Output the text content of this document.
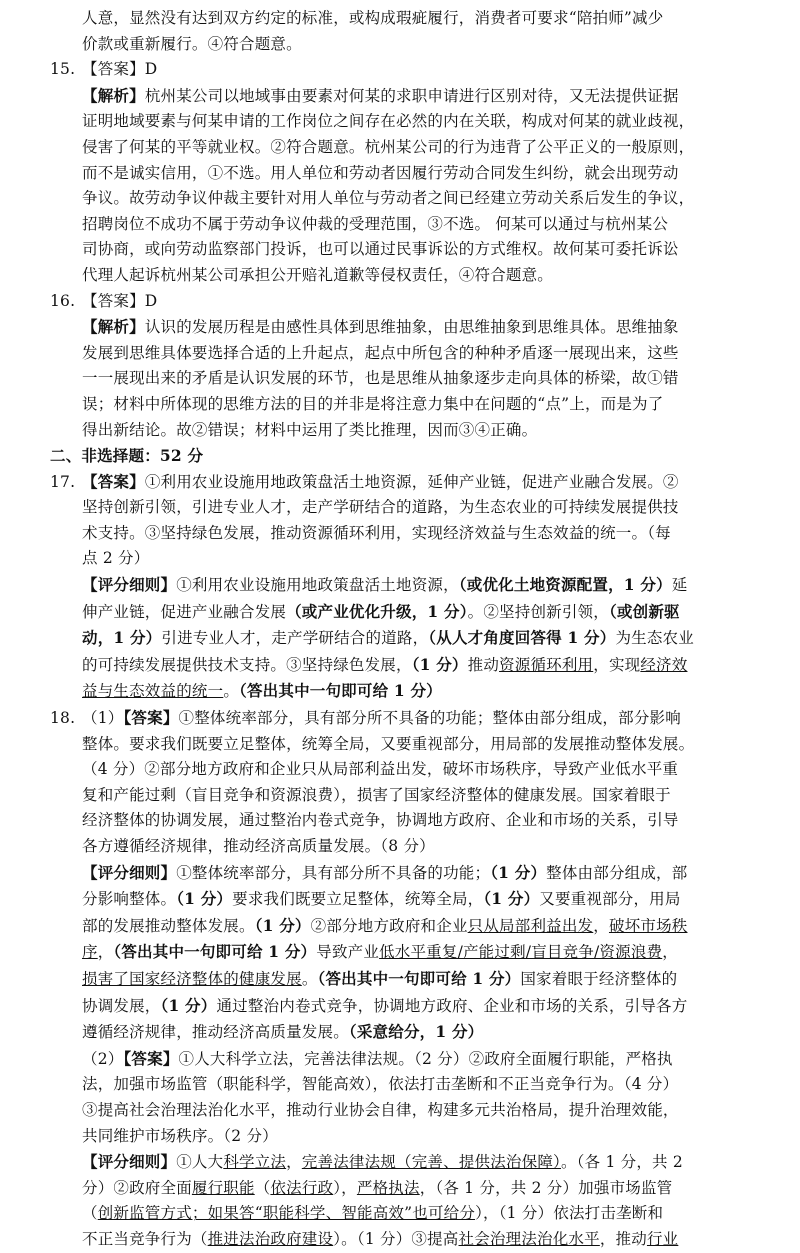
人意，显然没有达到双方约定的标准，或构成瑕疵履行，消费者可要求“陪拍师”减少

价款或重新履行。④符合题意。

15. 【答案】D

【解析】杭州某公司以地域事由要素对何某的求职申请进行区别对待，又无法提供证据

证明地域要素与何某申请的工作岗位之间存在必然的内在关联，构成对何某的就业歧视，

侵害了何某的平等就业权。②符合题意。杭州某公司的行为违背了公平正义的一般原则，

而不是诚实信用，①不选。用人单位和劳动者因履行劳动合同发生纠纷，就会出现劳动

争议。故劳动争议仲裁主要针对用人单位与劳动者之间已经建立劳动关系后发生的争议，

招聘岗位不成功不属于劳动争议仲裁的受理范围，③不选。 何某可以通过与杭州某公

司协商，或向劳动监察部门投诉，也可以通过民事诉讼的方式维权。故何某可委托诉讼

代理人起诉杭州某公司承担公开赔礼道歉等侵权责任，④符合题意。

16. 【答案】D

【解析】认识的发展历程是由感性具体到思维抽象，由思维抽象到思维具体。思维抽象

发展到思维具体要选择合适的上升起点，起点中所包含的种种矛盾逐一展现出来，这些

一一展现出来的矛盾是认识发展的环节，也是思维从抽象逐步走向具体的桥梁，故①错

误；材料中所体现的思维方法的目的并非是将注意力集中在问题的“点”上，而是为了

得出新结论。故②错误；材料中运用了类比推理，因而③④正确。

二、非选择题：52 分

17. 【答案】①利用农业设施用地政策盘活土地资源，延伸产业链，促进产业融合发展。②

坚持创新引领，引进专业人才，走产学研结合的道路，为生态农业的可持续发展提供技

术支持。③坚持绿色发展，推动资源循环利用，实现经济效益与生态效益的统一。（每

点 2 分）

【评分细则】①利用农业设施用地政策盘活土地资源，（或优化土地资源配置，1 分）延

伸产业链，促进产业融合发展（或产业优化升级，1 分）。②坚持创新引领，（或创新驱

动，1 分）引进专业人才，走产学研结合的道路，（从人才角度回答得 1 分）为生态农业

的可持续发展提供技术支持。③坚持绿色发展，（1 分）推动资源循环利用，实现经济效

益与生态效益的统一。（答出其中一句即可给 1 分）

18. （1）【答案】①整体统率部分，具有部分所不具备的功能；整体由部分组成，部分影响

整体。要求我们既要立足整体，统筹全局，又要重视部分，用局部的发展推动整体发展。

（4 分）②部分地方政府和企业只从局部利益出发，破坏市场秩序，导致产业低水平重

复和产能过剩（盲目竞争和资源浪费），损害了国家经济整体的健康发展。国家着眼于

经济整体的协调发展，通过整治内卷式竞争，协调地方政府、企业和市场的关系，引导

各方遵循经济规律，推动经济高质量发展。（8 分）

【评分细则】①整体统率部分，具有部分所不具备的功能；（1 分）整体由部分组成，部

分影响整体。（1 分）要求我们既要立足整体，统筹全局，（1 分）又要重视部分，用局

部的发展推动整体发展。（1 分）②部分地方政府和企业只从局部利益出发，破坏市场秩

序，（答出其中一句即可给 1 分）导致产业低水平重复/产能过剩/盲目竞争/资源浪费，

损害了国家经济整体的健康发展。（答出其中一句即可给 1 分）国家着眼于经济整体的

协调发展，（1 分）通过整治内卷式竞争，协调地方政府、企业和市场的关系，引导各方

遵循经济规律，推动经济高质量发展。（采意给分，1 分）

（2）【答案】①人大科学立法，完善法律法规。（2 分）②政府全面履行职能，严格执

法，加强市场监管（职能科学，智能高效），依法打击垄断和不正当竞争行为。（4 分）

③提高社会治理法治化水平，推动行业协会自律，构建多元共治格局，提升治理效能，

共同维护市场秩序。（2 分）

【评分细则】①人大科学立法，完善法律法规（完善、提供法治保障）。（各 1 分，共 2

分）②政府全面履行职能（依法行政），严格执法，（各 1 分，共 2 分）加强市场监管

（创新监管方式；如果答“职能科学、智能高效”也可给分），（1 分）依法打击垄断和

不正当竞争行为（推进法治政府建设）。（1 分）③提高社会治理法治化水平，推动行业
